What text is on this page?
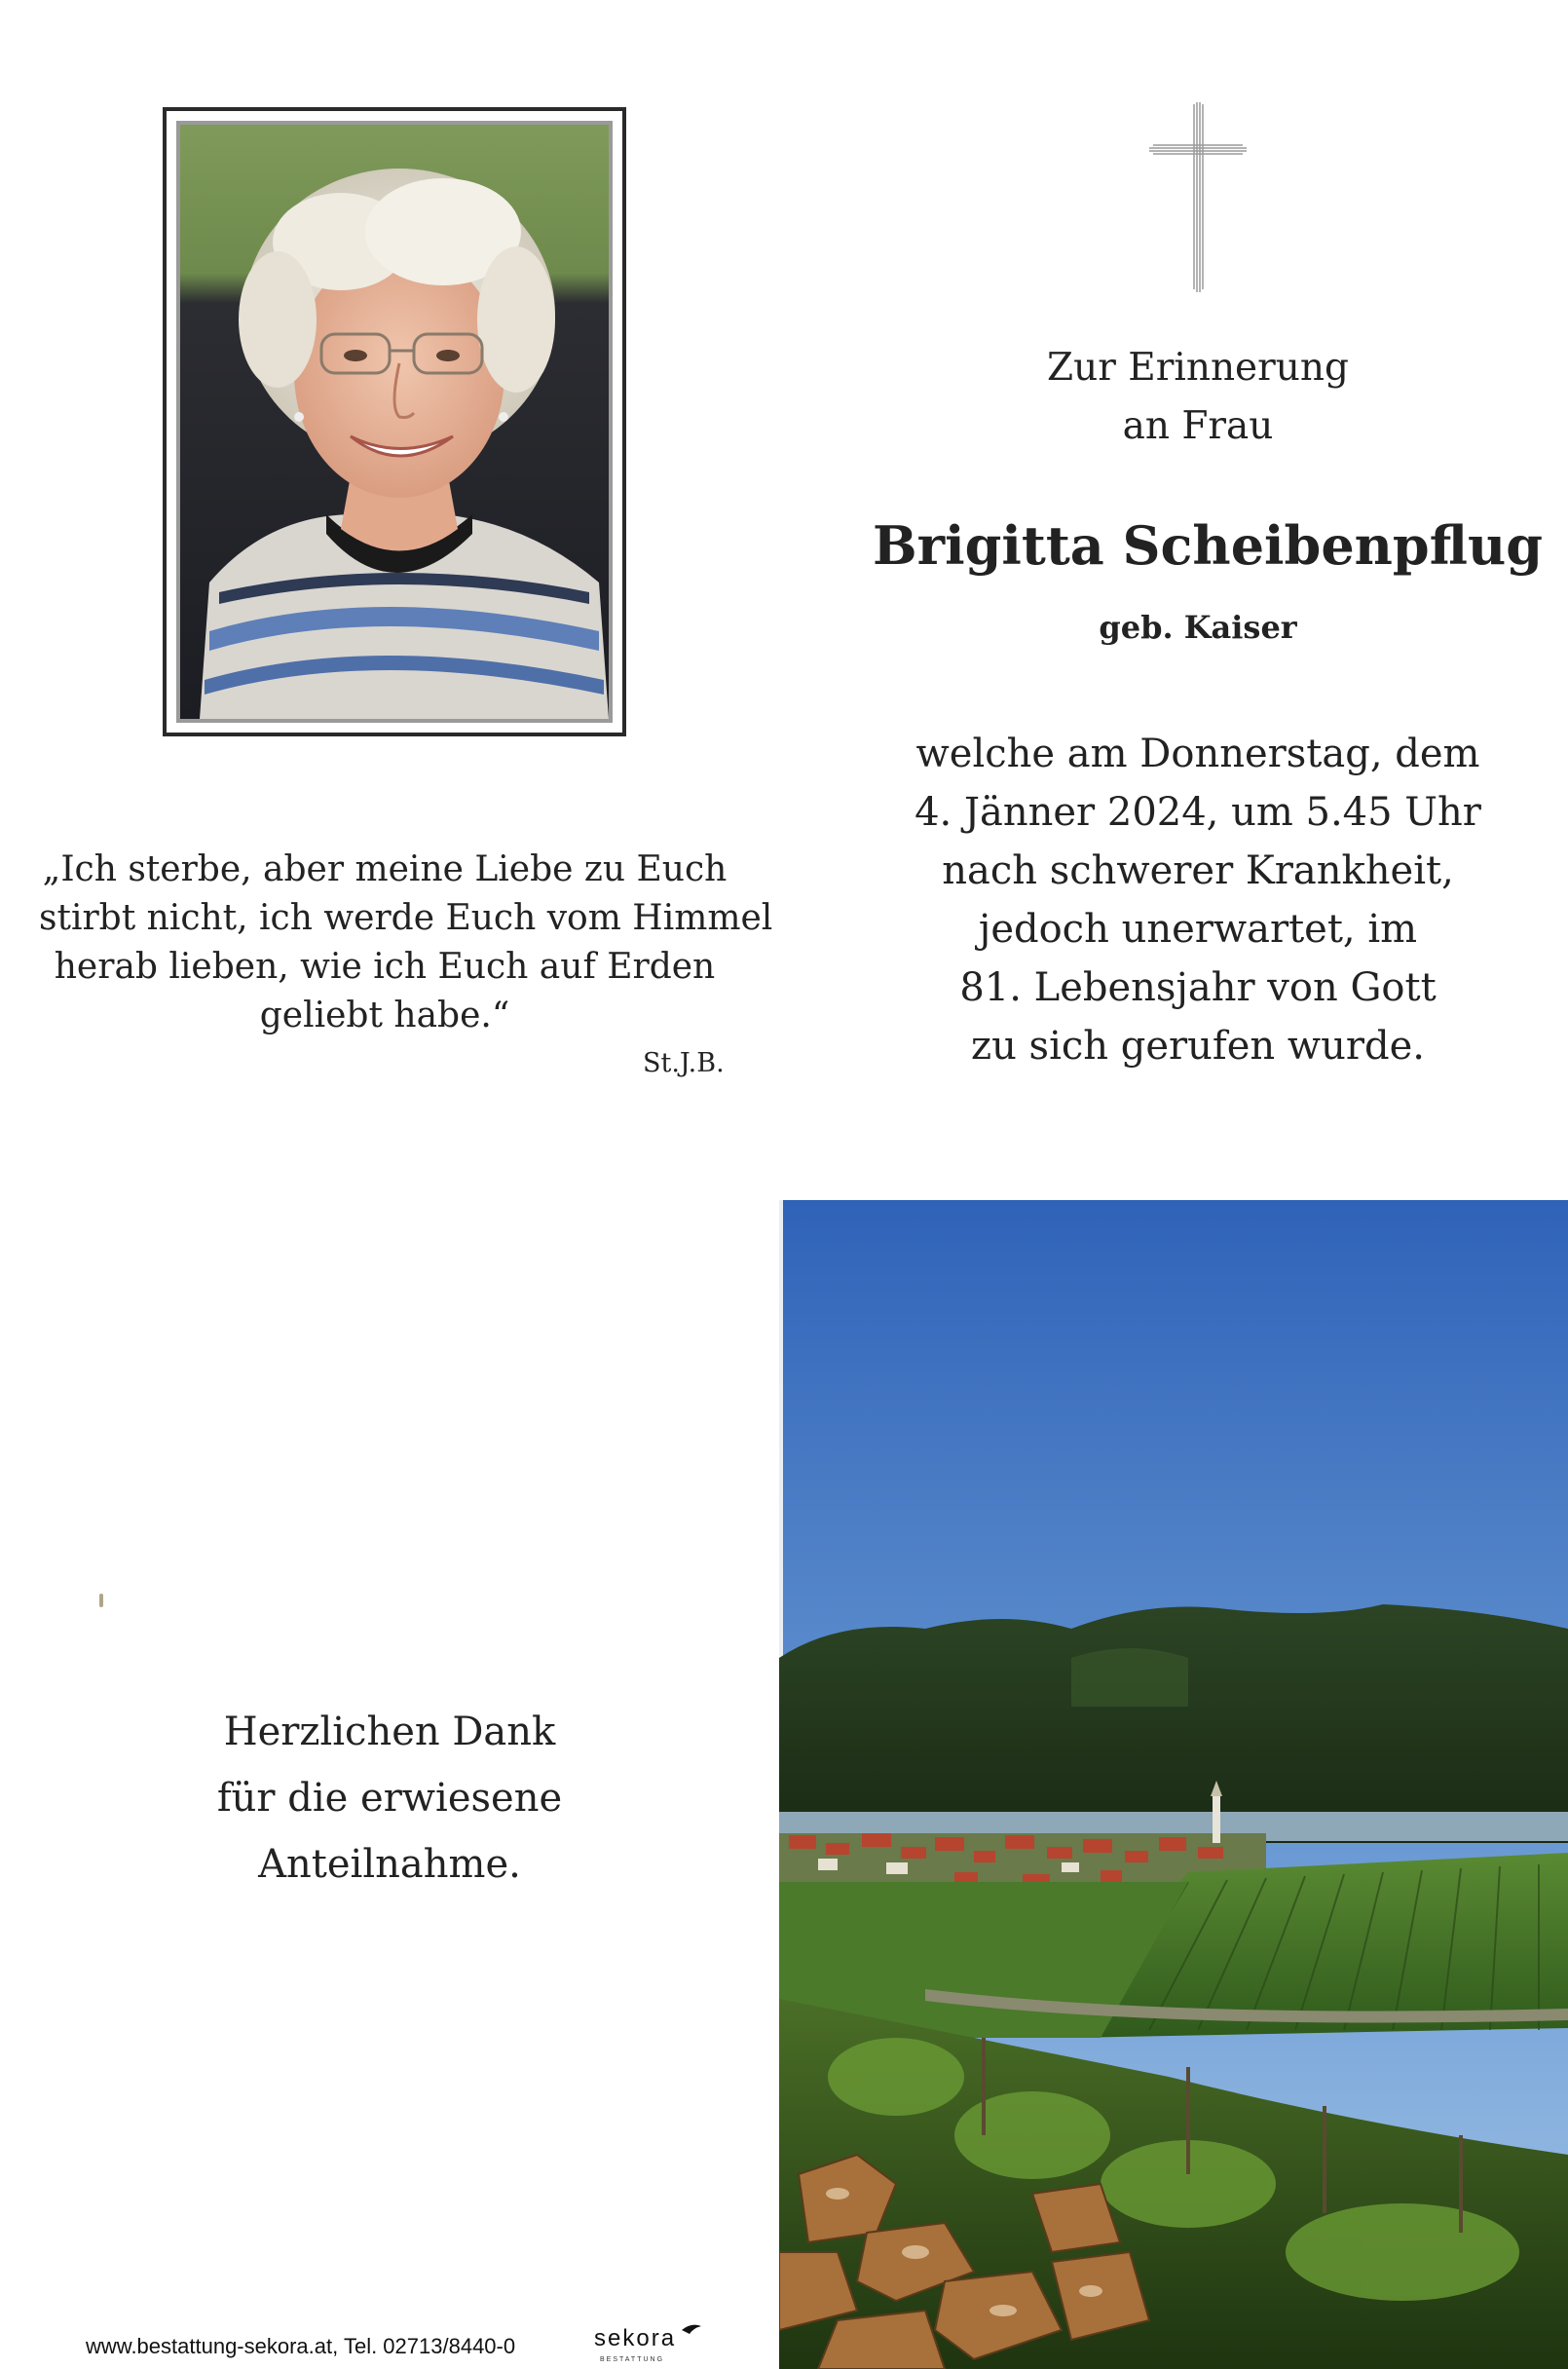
„Ich sterbe, aber meine Liebe zu Euch
stirbt nicht, ich werde Euch vom Himmel
herab lieben, wie ich Euch auf Erden
geliebt habe.“
St.J.B.
Zur Erinnerung
an Frau
Brigitta Scheibenpflug
geb. Kaiser
welche am Donnerstag, dem
4. Jänner 2024, um 5.45 Uhr
nach schwerer Krankheit,
jedoch unerwartet, im
81. Lebensjahr von Gott
zu sich gerufen wurde.
Herzlichen Dank
für die erwiesene
Anteilnahme.
www.bestattung-sekora.at, Tel. 02713/8440-0	sekora
BESTATTUNG
